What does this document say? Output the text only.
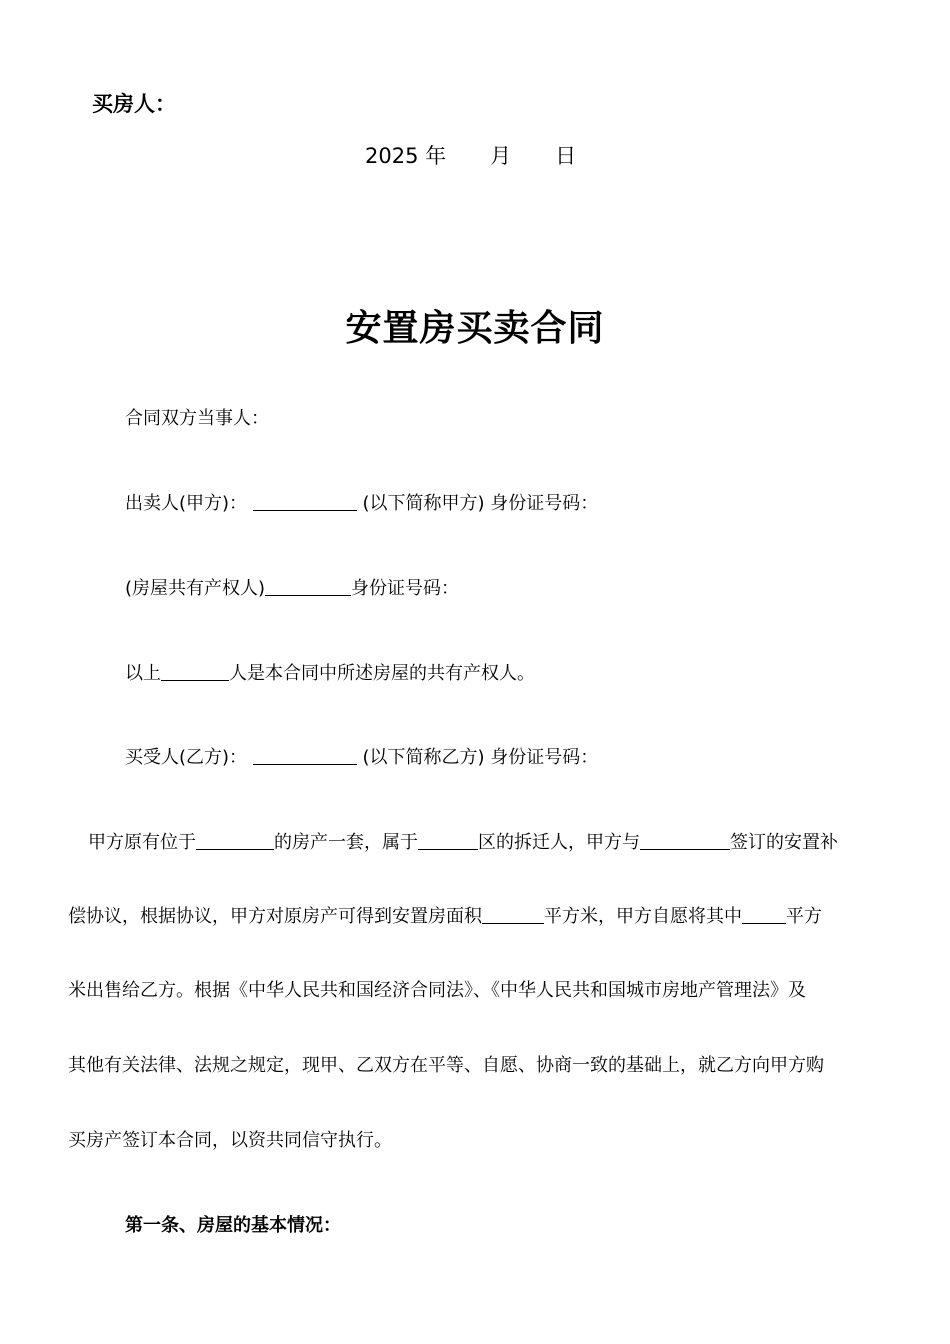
买房人：
2025 年 月 日
安置房买卖合同
合同双方当事人：
出卖人(甲方)：	(以下简称甲方) 身份证号码：
(房屋共有产权人)	身份证号码：
以上	人是本合同中所述房屋的共有产权人。
买受人(乙方)：	(以下简称乙方) 身份证号码：
甲方原有位于	的房产一套，属于	区的拆迁人，甲方与	签订的安置补
偿协议，根据协议，甲方对原房产可得到安置房面积	平方米，甲方自愿将其中 平方
米出售给乙方。根据《中华人民共和国经济合同法》、《中华人民共和国城市房地产管理法》及
其他有关法律、法规之规定，现甲、乙双方在平等、自愿、协商一致的基础上，就乙方向甲方购
买房产签订本合同，以资共同信守执行。
第一条、房屋的基本情况：
